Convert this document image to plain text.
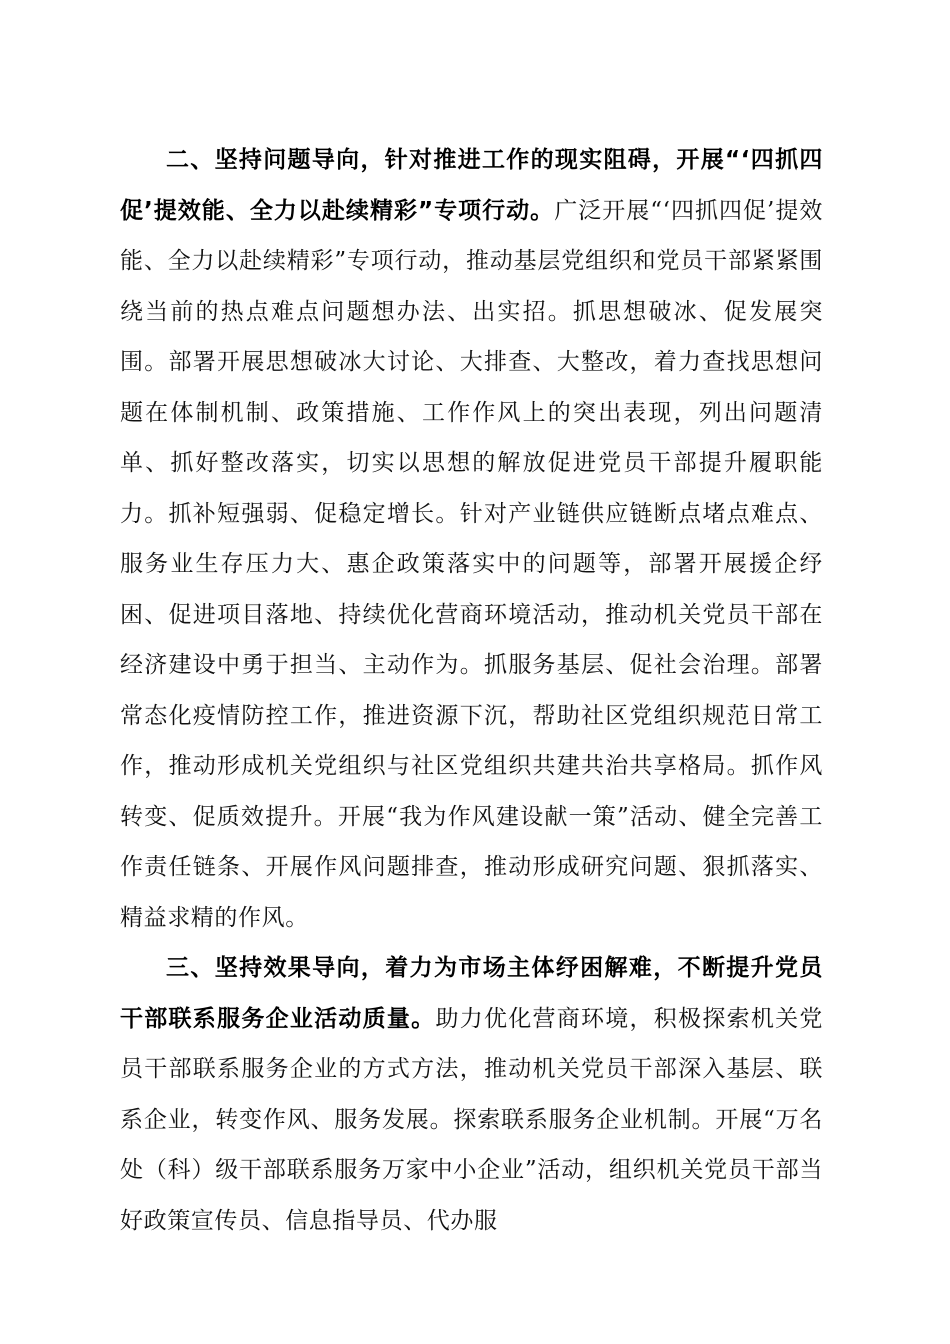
二、坚持问题导向，针对推进工作的现实阻碍，开展“‘四抓四促’提效能、全力以赴续精彩”专项行动。广泛开展“‘四抓四促’提效能、全力以赴续精彩”专项行动，推动基层党组织和党员干部紧紧围绕当前的热点难点问题想办法、出实招。抓思想破冰、促发展突围。部署开展思想破冰大讨论、大排查、大整改，着力查找思想问题在体制机制、政策措施、工作作风上的突出表现，列出问题清单、抓好整改落实，切实以思想的解放促进党员干部提升履职能力。抓补短强弱、促稳定增长。针对产业链供应链断点堵点难点、服务业生存压力大、惠企政策落实中的问题等，部署开展援企纾困、促进项目落地、持续优化营商环境活动，推动机关党员干部在经济建设中勇于担当、主动作为。抓服务基层、促社会治理。部署常态化疫情防控工作，推进资源下沉，帮助社区党组织规范日常工作，推动形成机关党组织与社区党组织共建共治共享格局。抓作风转变、促质效提升。开展“我为作风建设献一策”活动、健全完善工作责任链条、开展作风问题排查，推动形成研究问题、狠抓落实、精益求精的作风。

三、坚持效果导向，着力为市场主体纾困解难，不断提升党员干部联系服务企业活动质量。助力优化营商环境，积极探索机关党员干部联系服务企业的方式方法，推动机关党员干部深入基层、联系企业，转变作风、服务发展。探索联系服务企业机制。开展“万名处（科）级干部联系服务万家中小企业”活动，组织机关党员干部当好政策宣传员、信息指导员、代办服
